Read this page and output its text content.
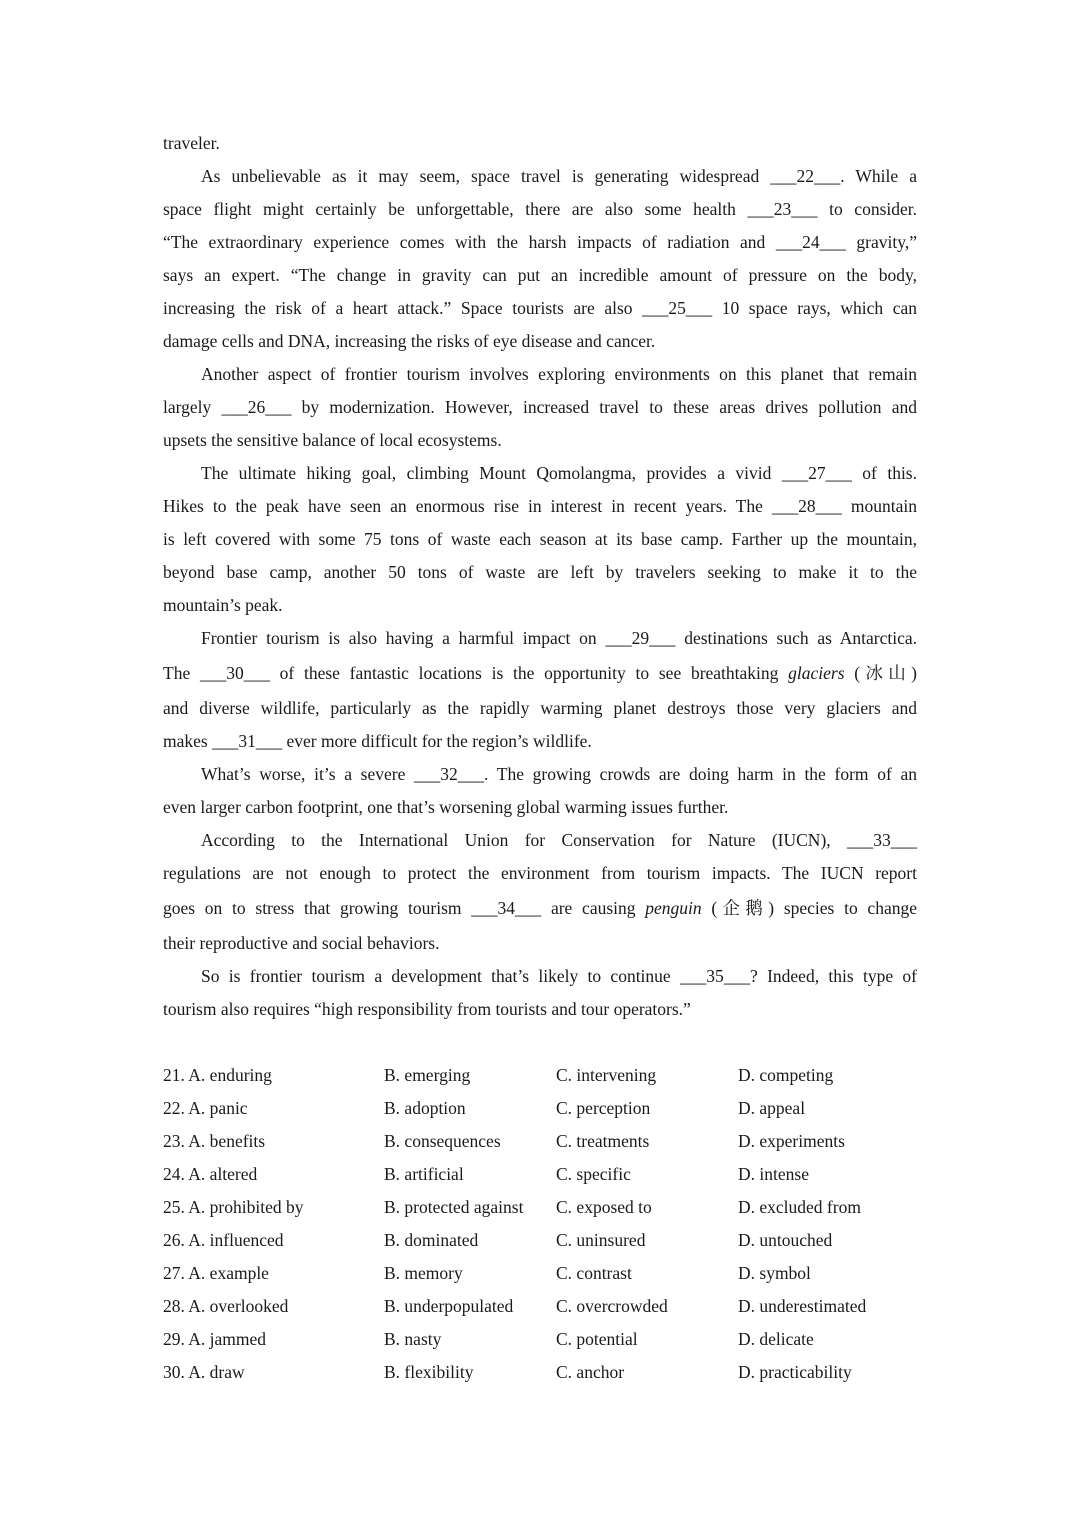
traveler.
As unbelievable as it may seem, space travel is generating widespread ___22___. While a
space flight might certainly be unforgettable, there are also some health ___23___ to consider.
“The extraordinary experience comes with the harsh impacts of radiation and ___24___ gravity,”
says an expert. “The change in gravity can put an incredible amount of pressure on the body,
increasing the risk of a heart attack.” Space tourists are also ___25___ 10 space rays, which can
damage cells and DNA, increasing the risks of eye disease and cancer.
Another aspect of frontier tourism involves exploring environments on this planet that remain
largely ___26___ by modernization. However, increased travel to these areas drives pollution and
upsets the sensitive balance of local ecosystems.
The ultimate hiking goal, climbing Mount Qomolangma, provides a vivid ___27___ of this.
Hikes to the peak have seen an enormous rise in interest in recent years. The ___28___ mountain
is left covered with some 75 tons of waste each season at its base camp. Farther up the mountain,
beyond base camp, another 50 tons of waste are left by travelers seeking to make it to the
mountain’s peak.
Frontier tourism is also having a harmful impact on ___29___ destinations such as Antarctica.
The ___30___ of these fantastic locations is the opportunity to see breathtaking glaciers (冰山)
and diverse wildlife, particularly as the rapidly warming planet destroys those very glaciers and
makes ___31___ ever more difficult for the region’s wildlife.
What’s worse, it’s a severe ___32___. The growing crowds are doing harm in the form of an
even larger carbon footprint, one that’s worsening global warming issues further.
According to the International Union for Conservation for Nature (IUCN), ___33___
regulations are not enough to protect the environment from tourism impacts. The IUCN report
goes on to stress that growing tourism ___34___ are causing penguin (企鹅) species to change
their reproductive and social behaviors.
So is frontier tourism a development that’s likely to continue ___35___? Indeed, this type of
tourism also requires “high responsibility from tourists and tour operators.”
21. A. enduring	B. emerging	C. intervening	D. competing
22. A. panic	B. adoption	C. perception	D. appeal
23. A. benefits	B. consequences	C. treatments	D. experiments
24. A. altered	B. artificial	C. specific	D. intense
25. A. prohibited by	B. protected against C. exposed to	D. excluded from
26. A. influenced	B. dominated	C. uninsured	D. untouched
27. A. example	B. memory	C. contrast	D. symbol
28. A. overlooked	B. underpopulated C. overcrowded	D. underestimated
29. A. jammed	B. nasty	C. potential	D. delicate
30. A. draw	B. flexibility	C. anchor	D. practicability
